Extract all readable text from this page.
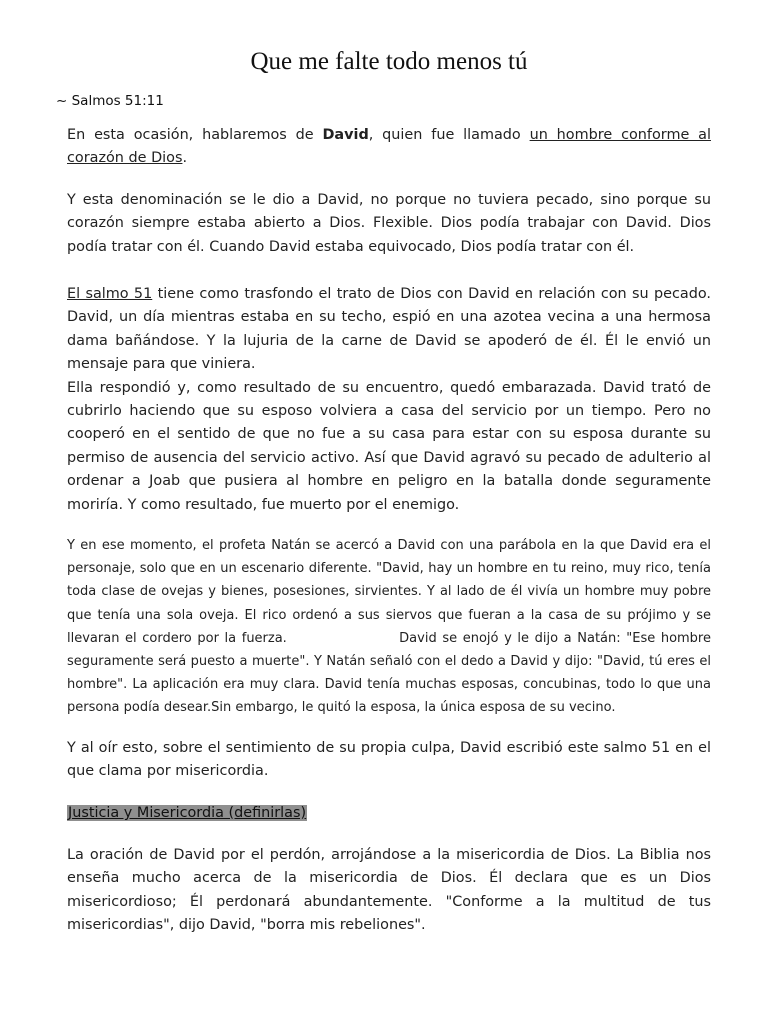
Que me falte todo menos tú
~ Salmos 51:11

En esta ocasión, hablaremos de David, quien fue llamado un hombre conforme al corazón de Dios.

Y esta denominación se le dio a David, no porque no tuviera pecado, sino porque su corazón siempre estaba abierto a Dios. Flexible. Dios podía trabajar con David. Dios podía tratar con él. Cuando David estaba equivocado, Dios podía tratar con él.

El salmo 51 tiene como trasfondo el trato de Dios con David en relación con su pecado. David, un día mientras estaba en su techo, espió en una azotea vecina a una hermosa dama bañándose. Y la lujuria de la carne de David se apoderó de él. Él le envió un mensaje para que viniera.

Ella respondió y, como resultado de su encuentro, quedó embarazada. David trató de cubrirlo haciendo que su esposo volviera a casa del servicio por un tiempo. Pero no cooperó en el sentido de que no fue a su casa para estar con su esposa durante su permiso de ausencia del servicio activo. Así que David agravó su pecado de adulterio al ordenar a Joab que pusiera al hombre en peligro en la batalla donde seguramente moriría. Y como resultado, fue muerto por el enemigo.

Y en ese momento, el profeta Natán se acercó a David con una parábola en la que David era el personaje, solo que en un escenario diferente. "David, hay un hombre en tu reino, muy rico, tenía toda clase de ovejas y bienes, posesiones, sirvientes. Y al lado de él vivía un hombre muy pobre que tenía una sola oveja. El rico ordenó a sus siervos que fueran a la casa de su prójimo y se llevaran el cordero por la fuerza.                    David se enojó y le dijo a Natán: "Ese hombre seguramente será puesto a muerte". Y Natán señaló con el dedo a David y dijo: "David, tú eres el hombre". La aplicación era muy clara. David tenía muchas esposas, concubinas, todo lo que una persona podía desear.Sin embargo, le quitó la esposa, la única esposa de su vecino.

Y al oír esto, sobre el sentimiento de su propia culpa, David escribió este salmo 51 en el que clama por misericordia.

Justicia y Misericordia (definirlas)

La oración de David por el perdón, arrojándose a la misericordia de Dios. La Biblia nos enseña mucho acerca de la misericordia de Dios. Él declara que es un Dios misericordioso; Él perdonará abundantemente. "Conforme a la multitud de tus misericordias", dijo David, "borra mis rebeliones".
